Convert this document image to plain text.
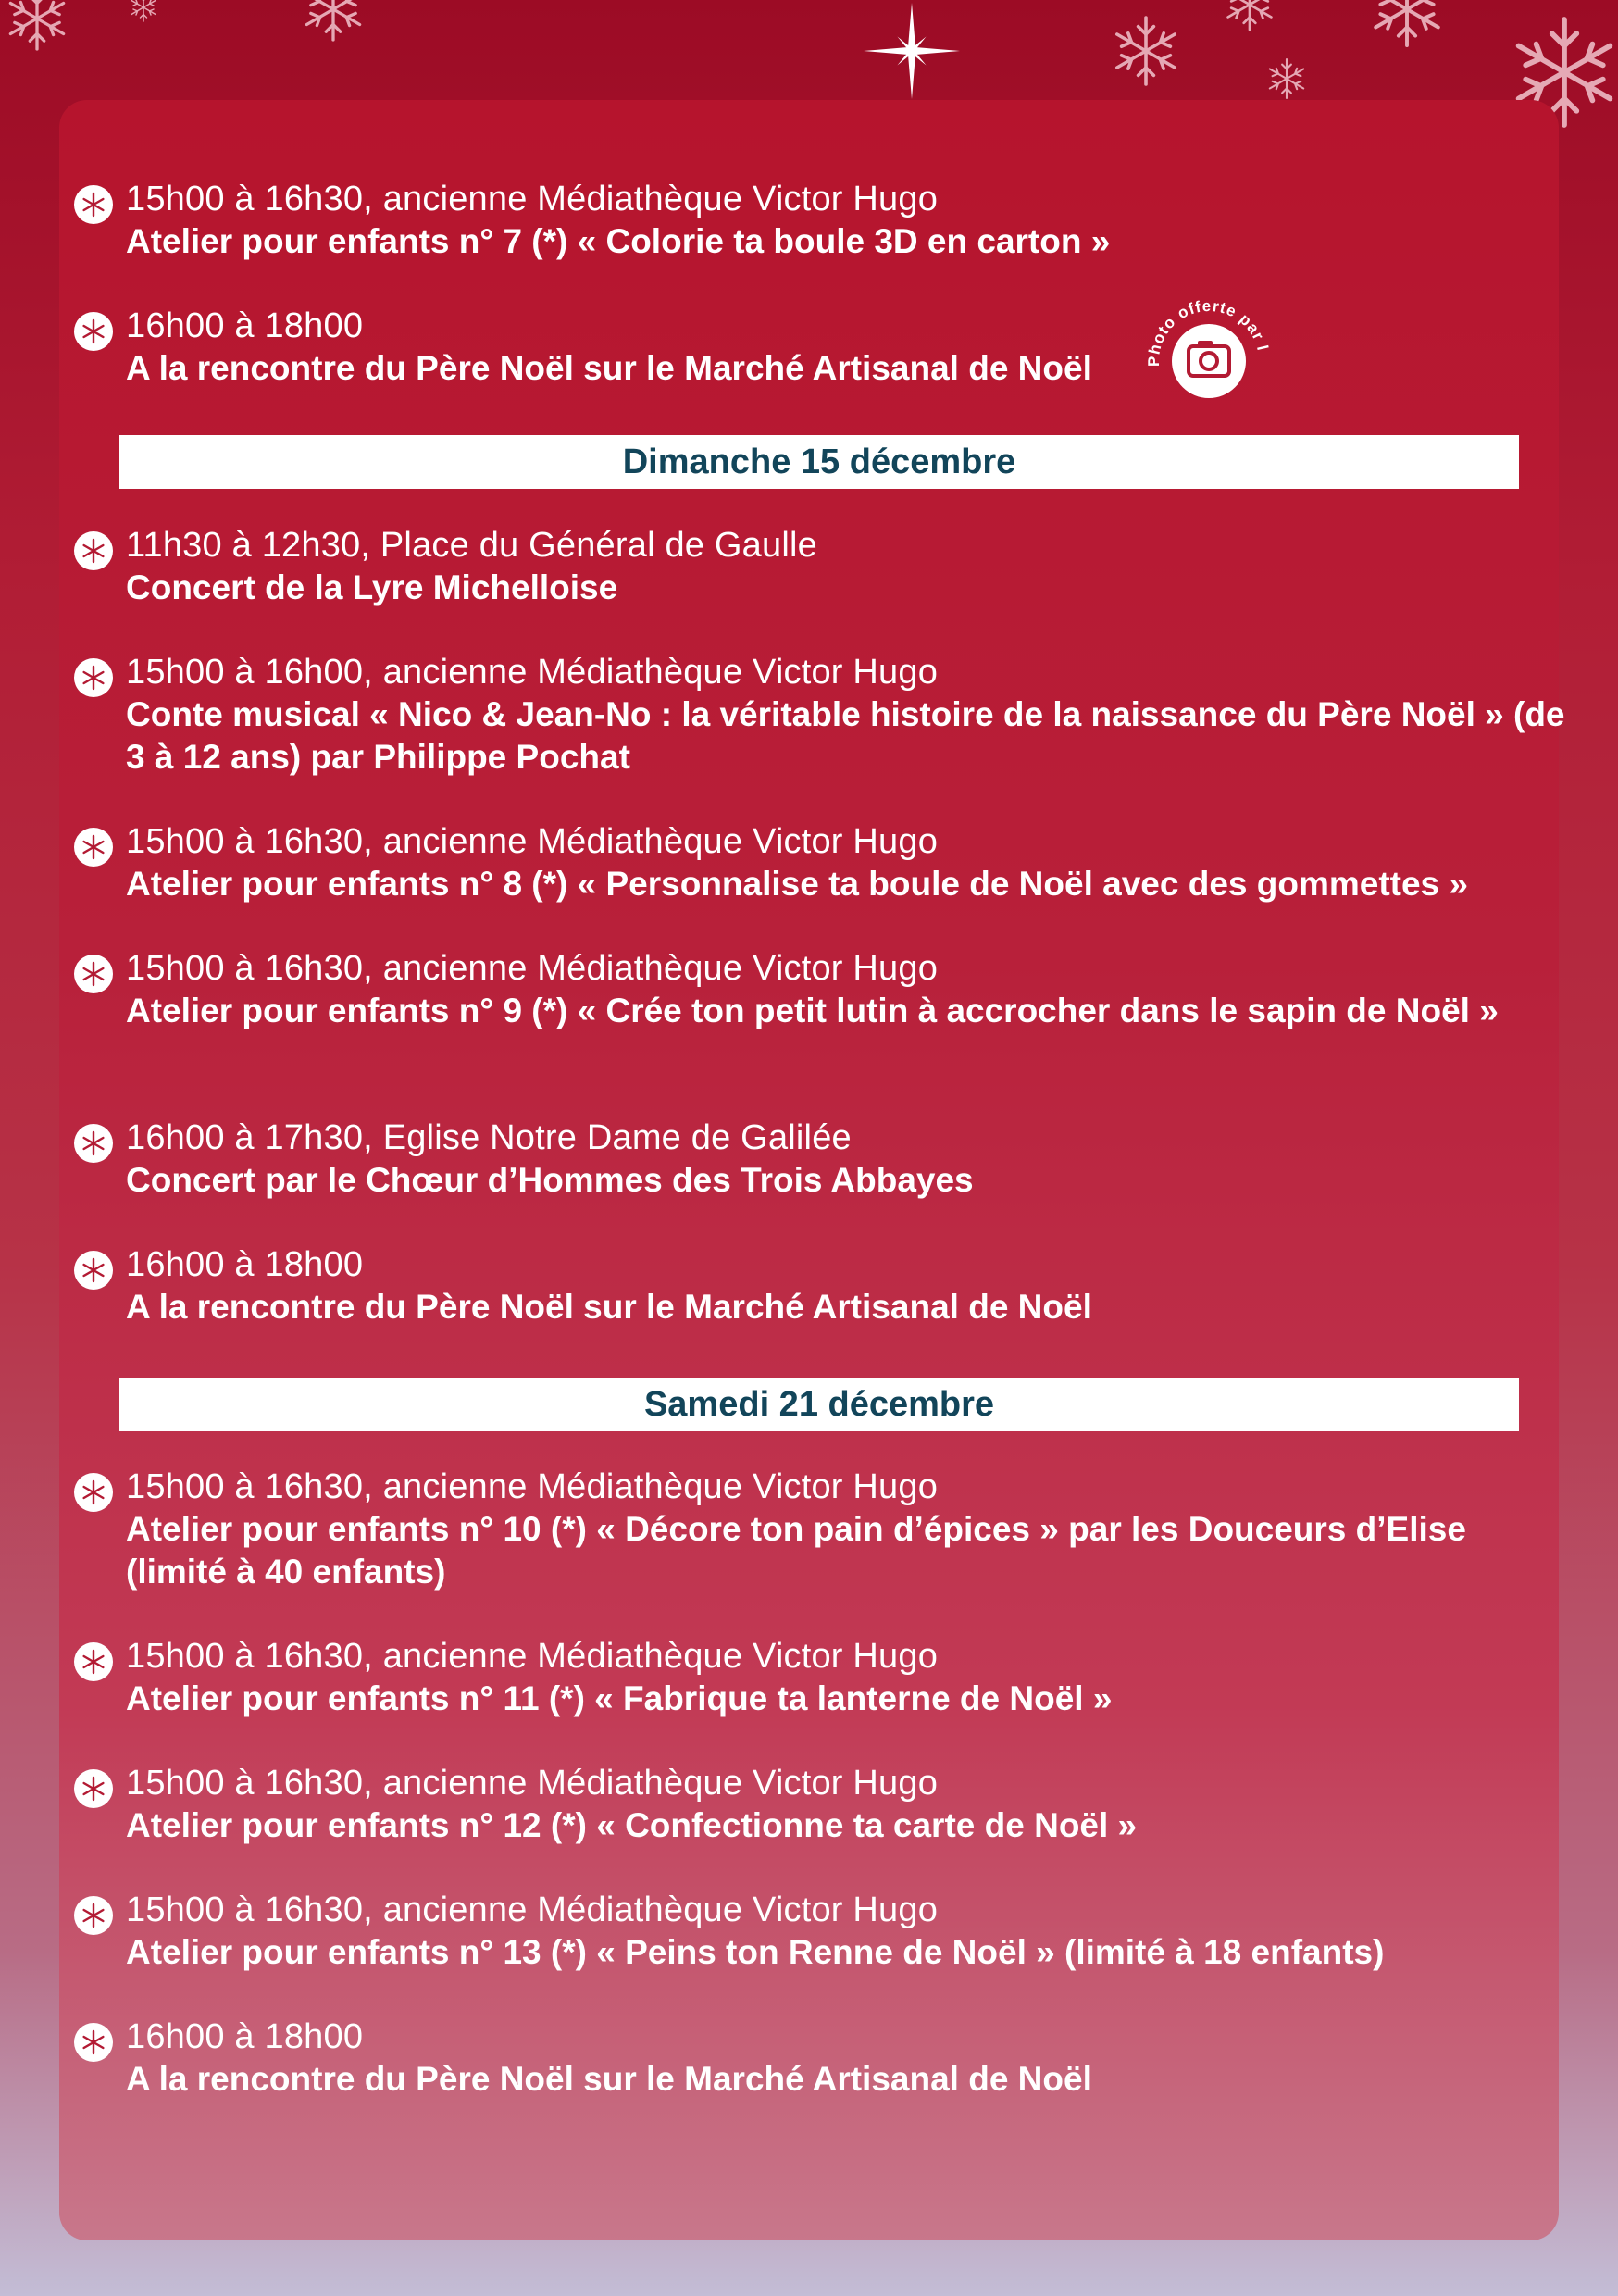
Photo offerte par l'UDAC
15h00 à 16h30, ancienne Médiathèque Victor Hugo
Atelier pour enfants n° 7 (*) « Colorie ta boule 3D en carton »
16h00 à 18h00
A la rencontre du Père Noël sur le Marché Artisanal de Noël
Dimanche 15 décembre
11h30 à 12h30, Place du Général de Gaulle
Concert de la Lyre Michelloise
15h00 à 16h00, ancienne Médiathèque Victor Hugo
Conte musical « Nico & Jean-No : la véritable histoire de la naissance du Père Noël » (de 3 à 12 ans) par Philippe Pochat
15h00 à 16h30, ancienne Médiathèque Victor Hugo
Atelier pour enfants n° 8 (*) « Personnalise ta boule de Noël avec des gommettes »
15h00 à 16h30, ancienne Médiathèque Victor Hugo
Atelier pour enfants n° 9 (*) « Crée ton petit lutin à accrocher dans le sapin de Noël »
16h00 à 17h30, Eglise Notre Dame de Galilée
Concert par le Chœur d’Hommes des Trois Abbayes
16h00 à 18h00
A la rencontre du Père Noël sur le Marché Artisanal de Noël
Samedi 21 décembre
15h00 à 16h30, ancienne Médiathèque Victor Hugo
Atelier pour enfants n° 10 (*) « Décore ton pain d’épices » par les Douceurs d’Elise (limité à 40 enfants)
15h00 à 16h30, ancienne Médiathèque Victor Hugo
Atelier pour enfants n° 11 (*) « Fabrique ta lanterne de Noël »
15h00 à 16h30, ancienne Médiathèque Victor Hugo
Atelier pour enfants n° 12 (*) « Confectionne ta carte de Noël »
15h00 à 16h30, ancienne Médiathèque Victor Hugo
Atelier pour enfants n° 13 (*) « Peins ton Renne de Noël » (limité à 18 enfants)
16h00 à 18h00
A la rencontre du Père Noël sur le Marché Artisanal de Noël
